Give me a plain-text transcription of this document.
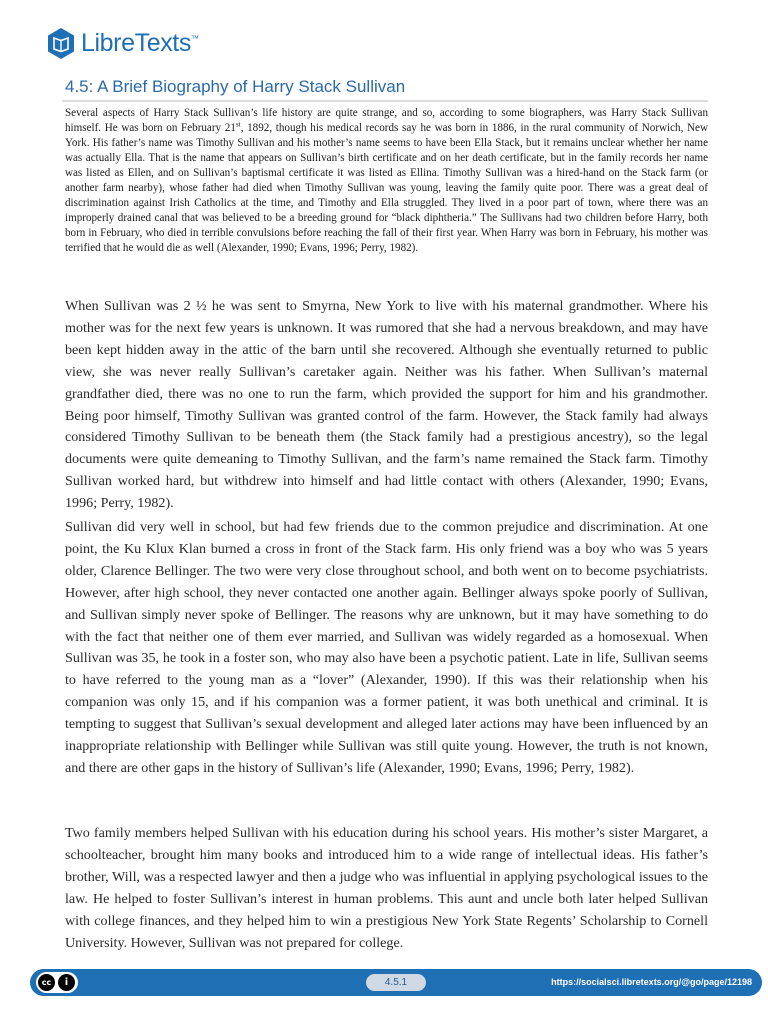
LibreTexts ™
4.5: A Brief Biography of Harry Stack Sullivan

Several aspects of Harry Stack Sullivan’s life history are quite strange, and so, according to some biographers, was Harry Stack Sullivan himself. He was born on February 21st, 1892, though his medical records say he was born in 1886, in the rural community of Norwich, New York. His father’s name was Timothy Sullivan and his mother’s name seems to have been Ella Stack, but it remains unclear whether her name was actually Ella. That is the name that appears on Sullivan’s birth certificate and on her death certificate, but in the family records her name was listed as Ellen, and on Sullivan’s baptismal certificate it was listed as Ellina. Timothy Sullivan was a hired-hand on the Stack farm (or another farm nearby), whose father had died when Timothy Sullivan was young, leaving the family quite poor. There was a great deal of discrimination against Irish Catholics at the time, and Timothy and Ella struggled. They lived in a poor part of town, where there was an improperly drained canal that was believed to be a breeding ground for “black diphtheria.” The Sullivans had two children before Harry, both born in February, who died in terrible convulsions before reaching the fall of their first year. When Harry was born in February, his mother was terrified that he would die as well (Alexander, 1990; Evans, 1996; Perry, 1982).

When Sullivan was 2 ½ he was sent to Smyrna, New York to live with his maternal grandmother. Where his mother was for the next few years is unknown. It was rumored that she had a nervous breakdown, and may have been kept hidden away in the attic of the barn until she recovered. Although she eventually returned to public view, she was never really Sullivan’s caretaker again. Neither was his father. When Sullivan’s maternal grandfather died, there was no one to run the farm, which provided the support for him and his grandmother. Being poor himself, Timothy Sullivan was granted control of the farm. However, the Stack family had always considered Timothy Sullivan to be beneath them (the Stack family had a prestigious ancestry), so the legal documents were quite demeaning to Timothy Sullivan, and the farm’s name remained the Stack farm. Timothy Sullivan worked hard, but withdrew into himself and had little contact with others (Alexander, 1990; Evans, 1996; Perry, 1982).

Sullivan did very well in school, but had few friends due to the common prejudice and discrimination. At one point, the Ku Klux Klan burned a cross in front of the Stack farm. His only friend was a boy who was 5 years older, Clarence Bellinger. The two were very close throughout school, and both went on to become psychiatrists. However, after high school, they never contacted one another again. Bellinger always spoke poorly of Sullivan, and Sullivan simply never spoke of Bellinger. The reasons why are unknown, but it may have something to do with the fact that neither one of them ever married, and Sullivan was widely regarded as a homosexual. When Sullivan was 35, he took in a foster son, who may also have been a psychotic patient. Late in life, Sullivan seems to have referred to the young man as a “lover” (Alexander, 1990). If this was their relationship when his companion was only 15, and if his companion was a former patient, it was both unethical and criminal. It is tempting to suggest that Sullivan’s sexual development and alleged later actions may have been influenced by an inappropriate relationship with Bellinger while Sullivan was still quite young. However, the truth is not known, and there are other gaps in the history of Sullivan’s life (Alexander, 1990; Evans, 1996; Perry, 1982).

Two family members helped Sullivan with his education during his school years. His mother’s sister Margaret, a schoolteacher, brought him many books and introduced him to a wide range of intellectual ideas. His father’s brother, Will, was a respected lawyer and then a judge who was influential in applying psychological issues to the law. He helped to foster Sullivan’s interest in human problems. This aunt and uncle both later helped Sullivan with college finances, and they helped him to win a prestigious New York State Regents’ Scholarship to Cornell University. However, Sullivan was not prepared for college.

cc	i	4.5.1	https://socialsci.libretexts.org/@go/page/12198
